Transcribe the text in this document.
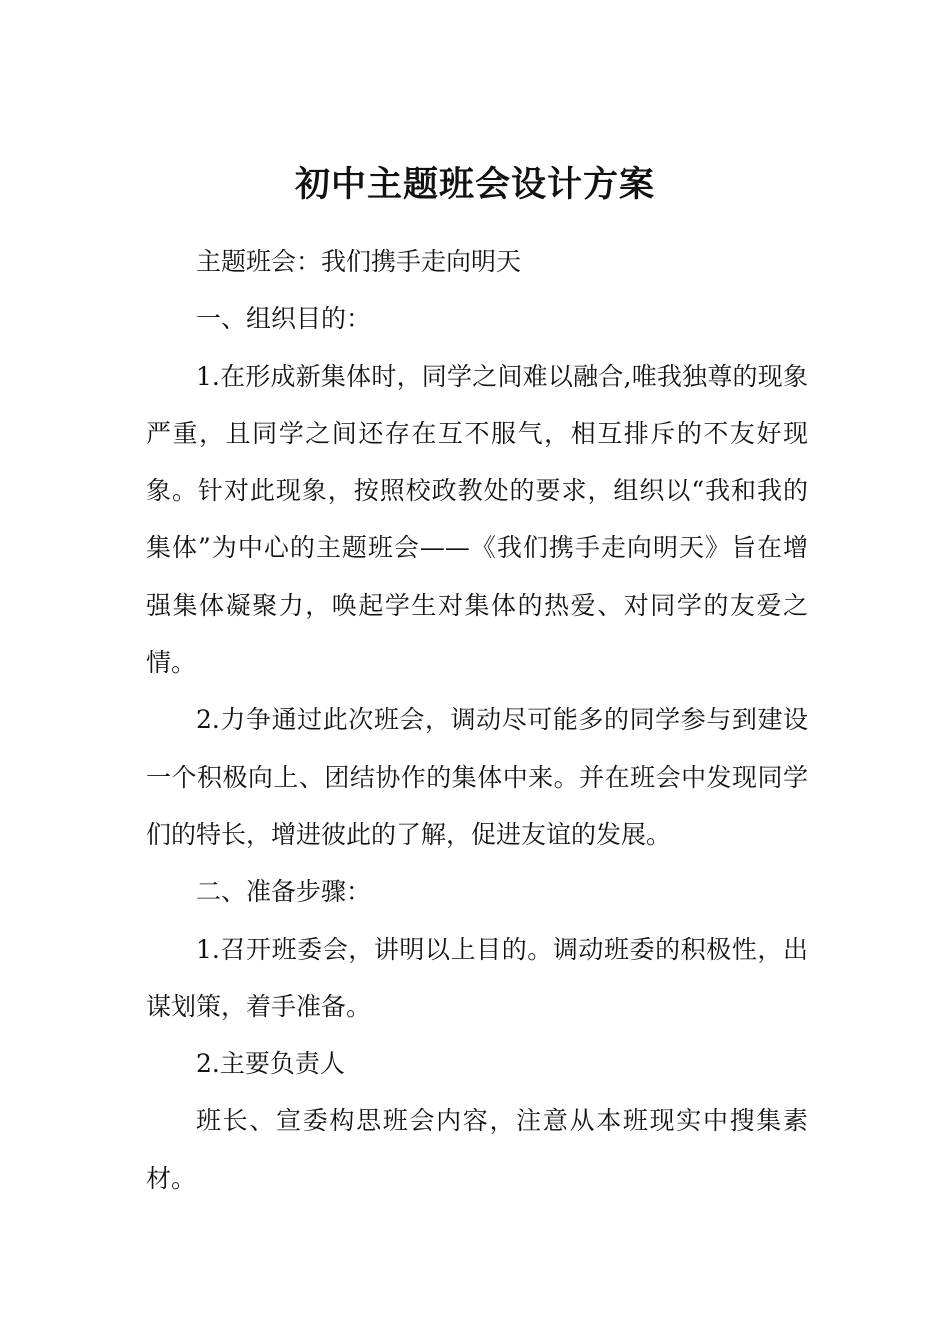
初中主题班会设计方案

主题班会：我们携手走向明天

一、组织目的：

1.在形成新集体时，同学之间难以融合,唯我独尊的现象严重，且同学之间还存在互不服气，相互排斥的不友好现象。针对此现象，按照校政教处的要求，组织以“我和我的集体”为中心的主题班会——《我们携手走向明天》旨在增强集体凝聚力，唤起学生对集体的热爱、对同学的友爱之情。

2.力争通过此次班会，调动尽可能多的同学参与到建设一个积极向上、团结协作的集体中来。并在班会中发现同学们的特长，增进彼此的了解，促进友谊的发展。

二、准备步骤：

1.召开班委会，讲明以上目的。调动班委的积极性，出谋划策，着手准备。

2.主要负责人

班长、宣委构思班会内容，注意从本班现实中搜集素材。
